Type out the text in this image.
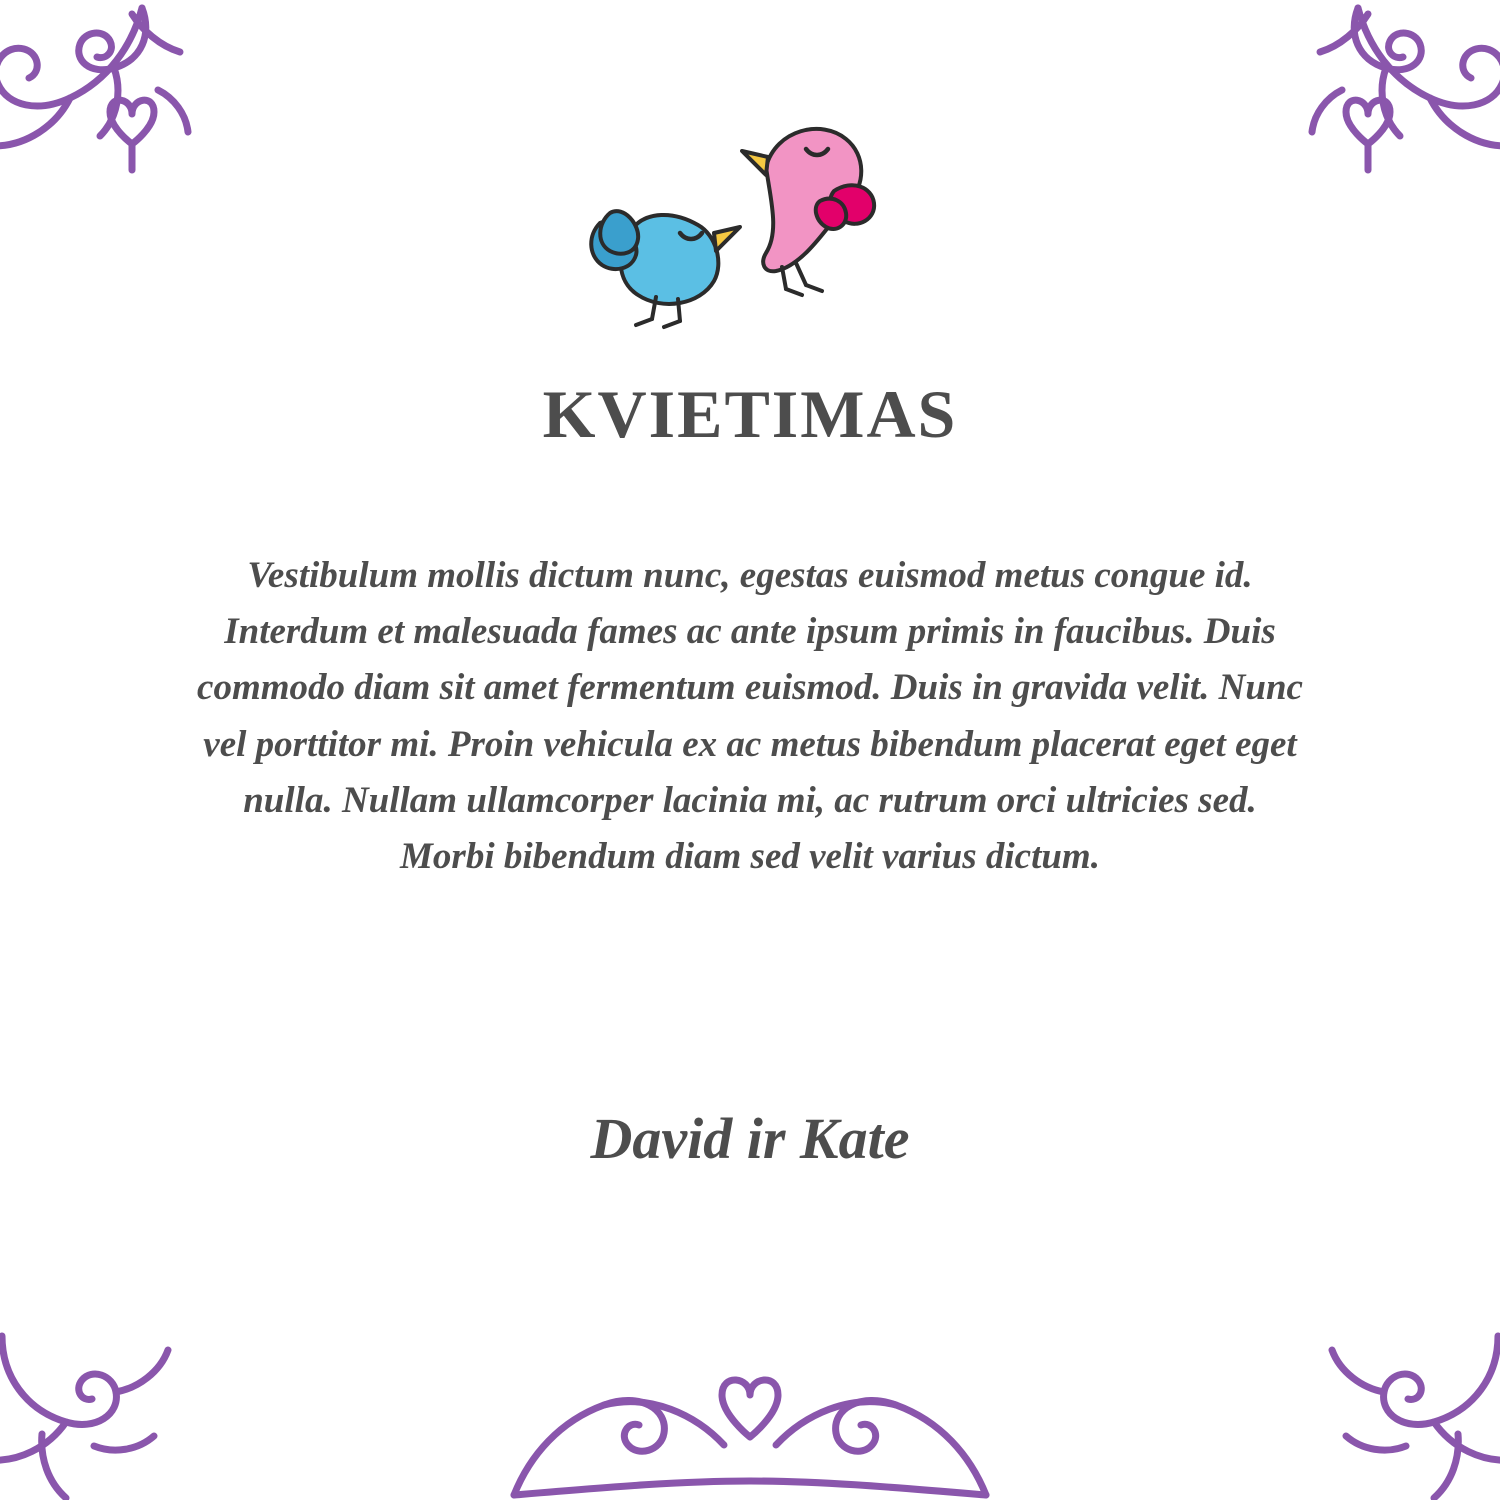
KVIETIMAS
Vestibulum mollis dictum nunc, egestas euismod metus congue id. Interdum et malesuada fames ac ante ipsum primis in faucibus. Duis commodo diam sit amet fermentum euismod. Duis in gravida velit. Nunc vel porttitor mi. Proin vehicula ex ac metus bibendum placerat eget eget nulla. Nullam ullamcorper lacinia mi, ac rutrum orci ultricies sed. Morbi bibendum diam sed velit varius dictum.
David ir Kate
